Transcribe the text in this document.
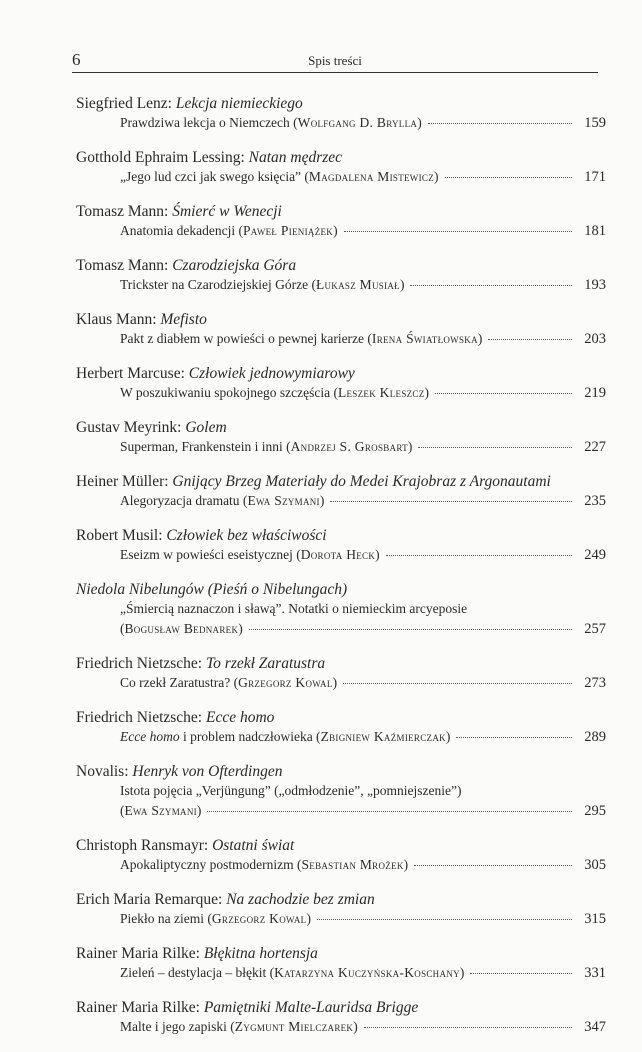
6	Spis treści
Siegfried Lenz: Lekcja niemieckiego
Prawdziwa lekcja o Niemczech (Wolfgang D. Brylla)	159
Gotthold Ephraim Lessing: Natan mędrzec
„Jego lud czci jak swego księcia” (Magdalena Mistewicz)	171
Tomasz Mann: Śmierć w Wenecji
Anatomia dekadencji (Paweł Pieniążek)	181
Tomasz Mann: Czarodziejska Góra
Trickster na Czarodziejskiej Górze (Łukasz Musiał)	193
Klaus Mann: Mefisto
Pakt z diabłem w powieści o pewnej karierze (Irena Światłowska)	203
Herbert Marcuse: Człowiek jednowymiarowy
W poszukiwaniu spokojnego szczęścia (Leszek Kleszcz)	219
Gustav Meyrink: Golem
Superman, Frankenstein i inni (Andrzej S. Grosbart)	227
Heiner Müller: Gnijący Brzeg Materiały do Medei Krajobraz z Argonautami
Alegoryzacja dramatu (Ewa Szymani)	235
Robert Musil: Człowiek bez właściwości
Eseizm w powieści eseistycznej (Dorota Heck)	249
Niedola Nibelungów (Pieśń o Nibelungach)
„Śmiercią naznaczon i sławą”. Notatki o niemieckim arcyeposie
(Bogusław Bednarek)	257
Friedrich Nietzsche: To rzekł Zaratustra
Co rzekł Zaratustra? (Grzegorz Kowal)	273
Friedrich Nietzsche: Ecce homo
Ecce homo i problem nadczłowieka (Zbigniew Kaźmierczak)	289
Novalis: Henryk von Ofterdingen
Istota pojęcia „Verjüngung” („odmłodzenie”, „pomniejszenie”)
(Ewa Szymani)	295
Christoph Ransmayr: Ostatni świat
Apokaliptyczny postmodernizm (Sebastian Mrożek)	305
Erich Maria Remarque: Na zachodzie bez zmian
Piekło na ziemi (Grzegorz Kowal)	315
Rainer Maria Rilke: Błękitna hortensja
Zieleń – destylacja – błękit (Katarzyna Kuczyńska-Koschany)	331
Rainer Maria Rilke: Pamiętniki Malte-Lauridsa Brigge
Malte i jego zapiski (Zygmunt Mielczarek)	347
